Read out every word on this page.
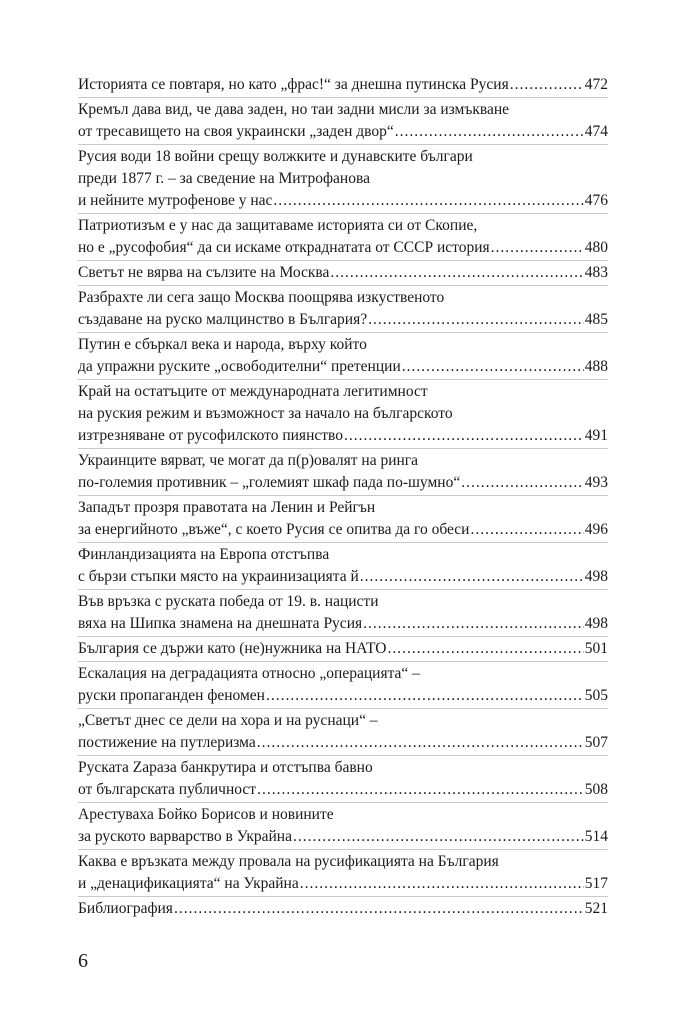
Историята се повтаря, но като „фрас!“ за днешна путинска Русия .....	472
Кремъл дава вид, че дава заден, но таи задни мисли за измъкване
от тресавището на своя украински „заден двор“ .....	474
Русия води 18 войни срещу волжките и дунавските българи
преди 1877 г. – за сведение на Митрофанова
и нейните мутрофенове у нас .....	476
Патриотизъм е у нас да защитаваме историята си от Скопие,
но е „русофобия“ да си искаме откраднатата от СССР история .....	480
Светът не вярва на сълзите на Москва .....	483
Разбрахте ли сега защо Москва поощрява изкуственото
създаване на руско малцинство в България? .....	485
Путин е сбъркал века и народа, върху който
да упражни руските „освободителни“ претенции .....	488
Край на остатъците от международната легитимност
на руския режим и възможност за начало на българското
изтрезняване от русофилското пиянство .....	491
Украинците вярват, че могат да п(р)овалят на ринга
по-големия противник – „големият шкаф пада по-шумно“ .....	493
Западът прозря правотата на Ленин и Рейгън
за енергийното „въже“, с което Русия се опитва да го обеси .....	496
Финландизацията на Европа отстъпва
с бързи стъпки място на украинизацията й .....	498
Във връзка с руската победа от 19. в. нацисти
вяха на Шипка знамена на днешната Русия .....	498
България се държи като (не)нужника на НАТО .....	501
Ескалация на деградацията относно „операцията“ –
руски пропаганден феномен .....	505
„Светът днес се дели на хора и на руснаци“ –
постижение на путлеризма .....	507
Руската Zараза банкрутира и отстъпва бавно
от българската публичност .....	508
Арестуваха Бойко Борисов и новините
за руското варварство в Украйна .....	514
Каква е връзката между провала на русификацията на България
и „денацификацията“ на Украйна .....	517
Библиография .....	521
6
